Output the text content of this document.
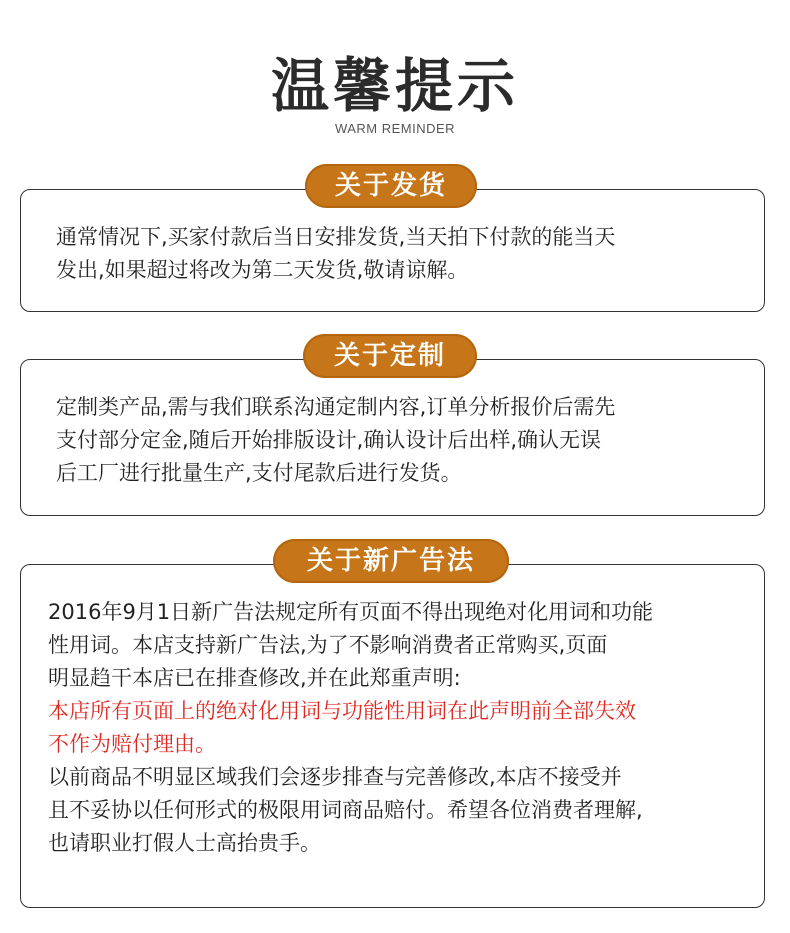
温馨提示
WARM REMINDER
关于发货

通常情况下,买家付款后当日安排发货,当天拍下付款的能当天

发出,如果超过将改为第二天发货,敬请谅解。

关于定制

定制类产品,需与我们联系沟通定制内容,订单分析报价后需先

支付部分定金,随后开始排版设计,确认设计后出样,确认无误

后工厂进行批量生产,支付尾款后进行发货。

关于新广告法

2016年9月1日新广告法规定所有页面不得出现绝对化用词和功能

性用词。本店支持新广告法,为了不影响消费者正常购买,页面

明显趋干本店已在排查修改,并在此郑重声明:

本店所有页面上的绝对化用词与功能性用词在此声明前全部失效

不作为赔付理由。

以前商品不明显区域我们会逐步排查与完善修改,本店不接受并

且不妥协以任何形式的极限用词商品赔付。希望各位消费者理解,

也请职业打假人士高抬贵手。
